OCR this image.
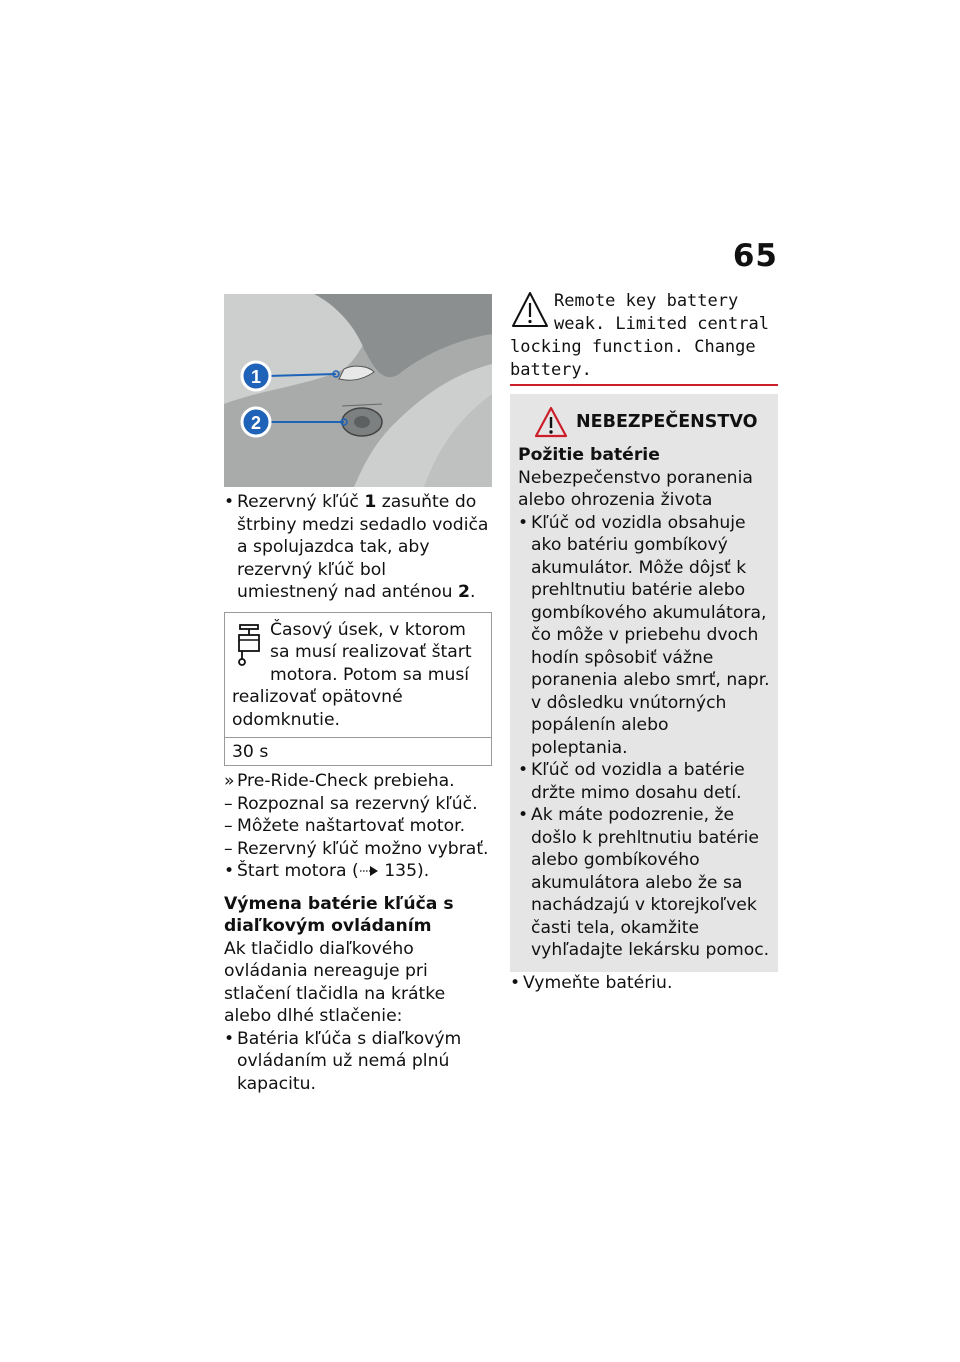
65
1
2
• Rezervný kľúč 1 zasuňte do štrbiny medzi sedadlo vodiča a spolujazdca tak, aby rezervný kľúč bol umiestnený nad anténou 2.
Časový úsek, v ktorom sa musí realizovať štart motora. Potom sa musí realizovať opätovné odomknutie.
30 s
» Pre-Ride-Check prebieha.
– Rozpoznal sa rezervný kľúč.
– Môžete naštartovať motor.
– Rezervný kľúč možno vybrať.
• Štart motora ( 135).
Výmena batérie kľúča s diaľkovým ovládaním
Ak tlačidlo diaľkového ovládania nereaguje pri stlačení tlačidla na krátke alebo dlhé stlačenie:
• Batéria kľúča s diaľkovým ovládaním už nemá plnú kapacitu.
Remote key battery weak. Limited central locking function. Change battery.
NEBEZPEČENSTVO
Požitie batérie
Nebezpečenstvo poranenia alebo ohrozenia života
• Kľúč od vozidla obsahuje ako batériu gombíkový akumulátor. Môže dôjsť k prehltnutiu batérie alebo gombíkového akumulátora, čo môže v priebehu dvoch hodín spôsobiť vážne poranenia alebo smrť, napr. v dôsledku vnútorných popálenín alebo poleptania.
• Kľúč od vozidla a batérie držte mimo dosahu detí.
• Ak máte podozrenie, že došlo k prehltnutiu batérie alebo gombíkového akumulátora alebo že sa nachádzajú v ktorejkoľvek časti tela, okamžite vyhľadajte lekársku pomoc.
• Vymeňte batériu.
